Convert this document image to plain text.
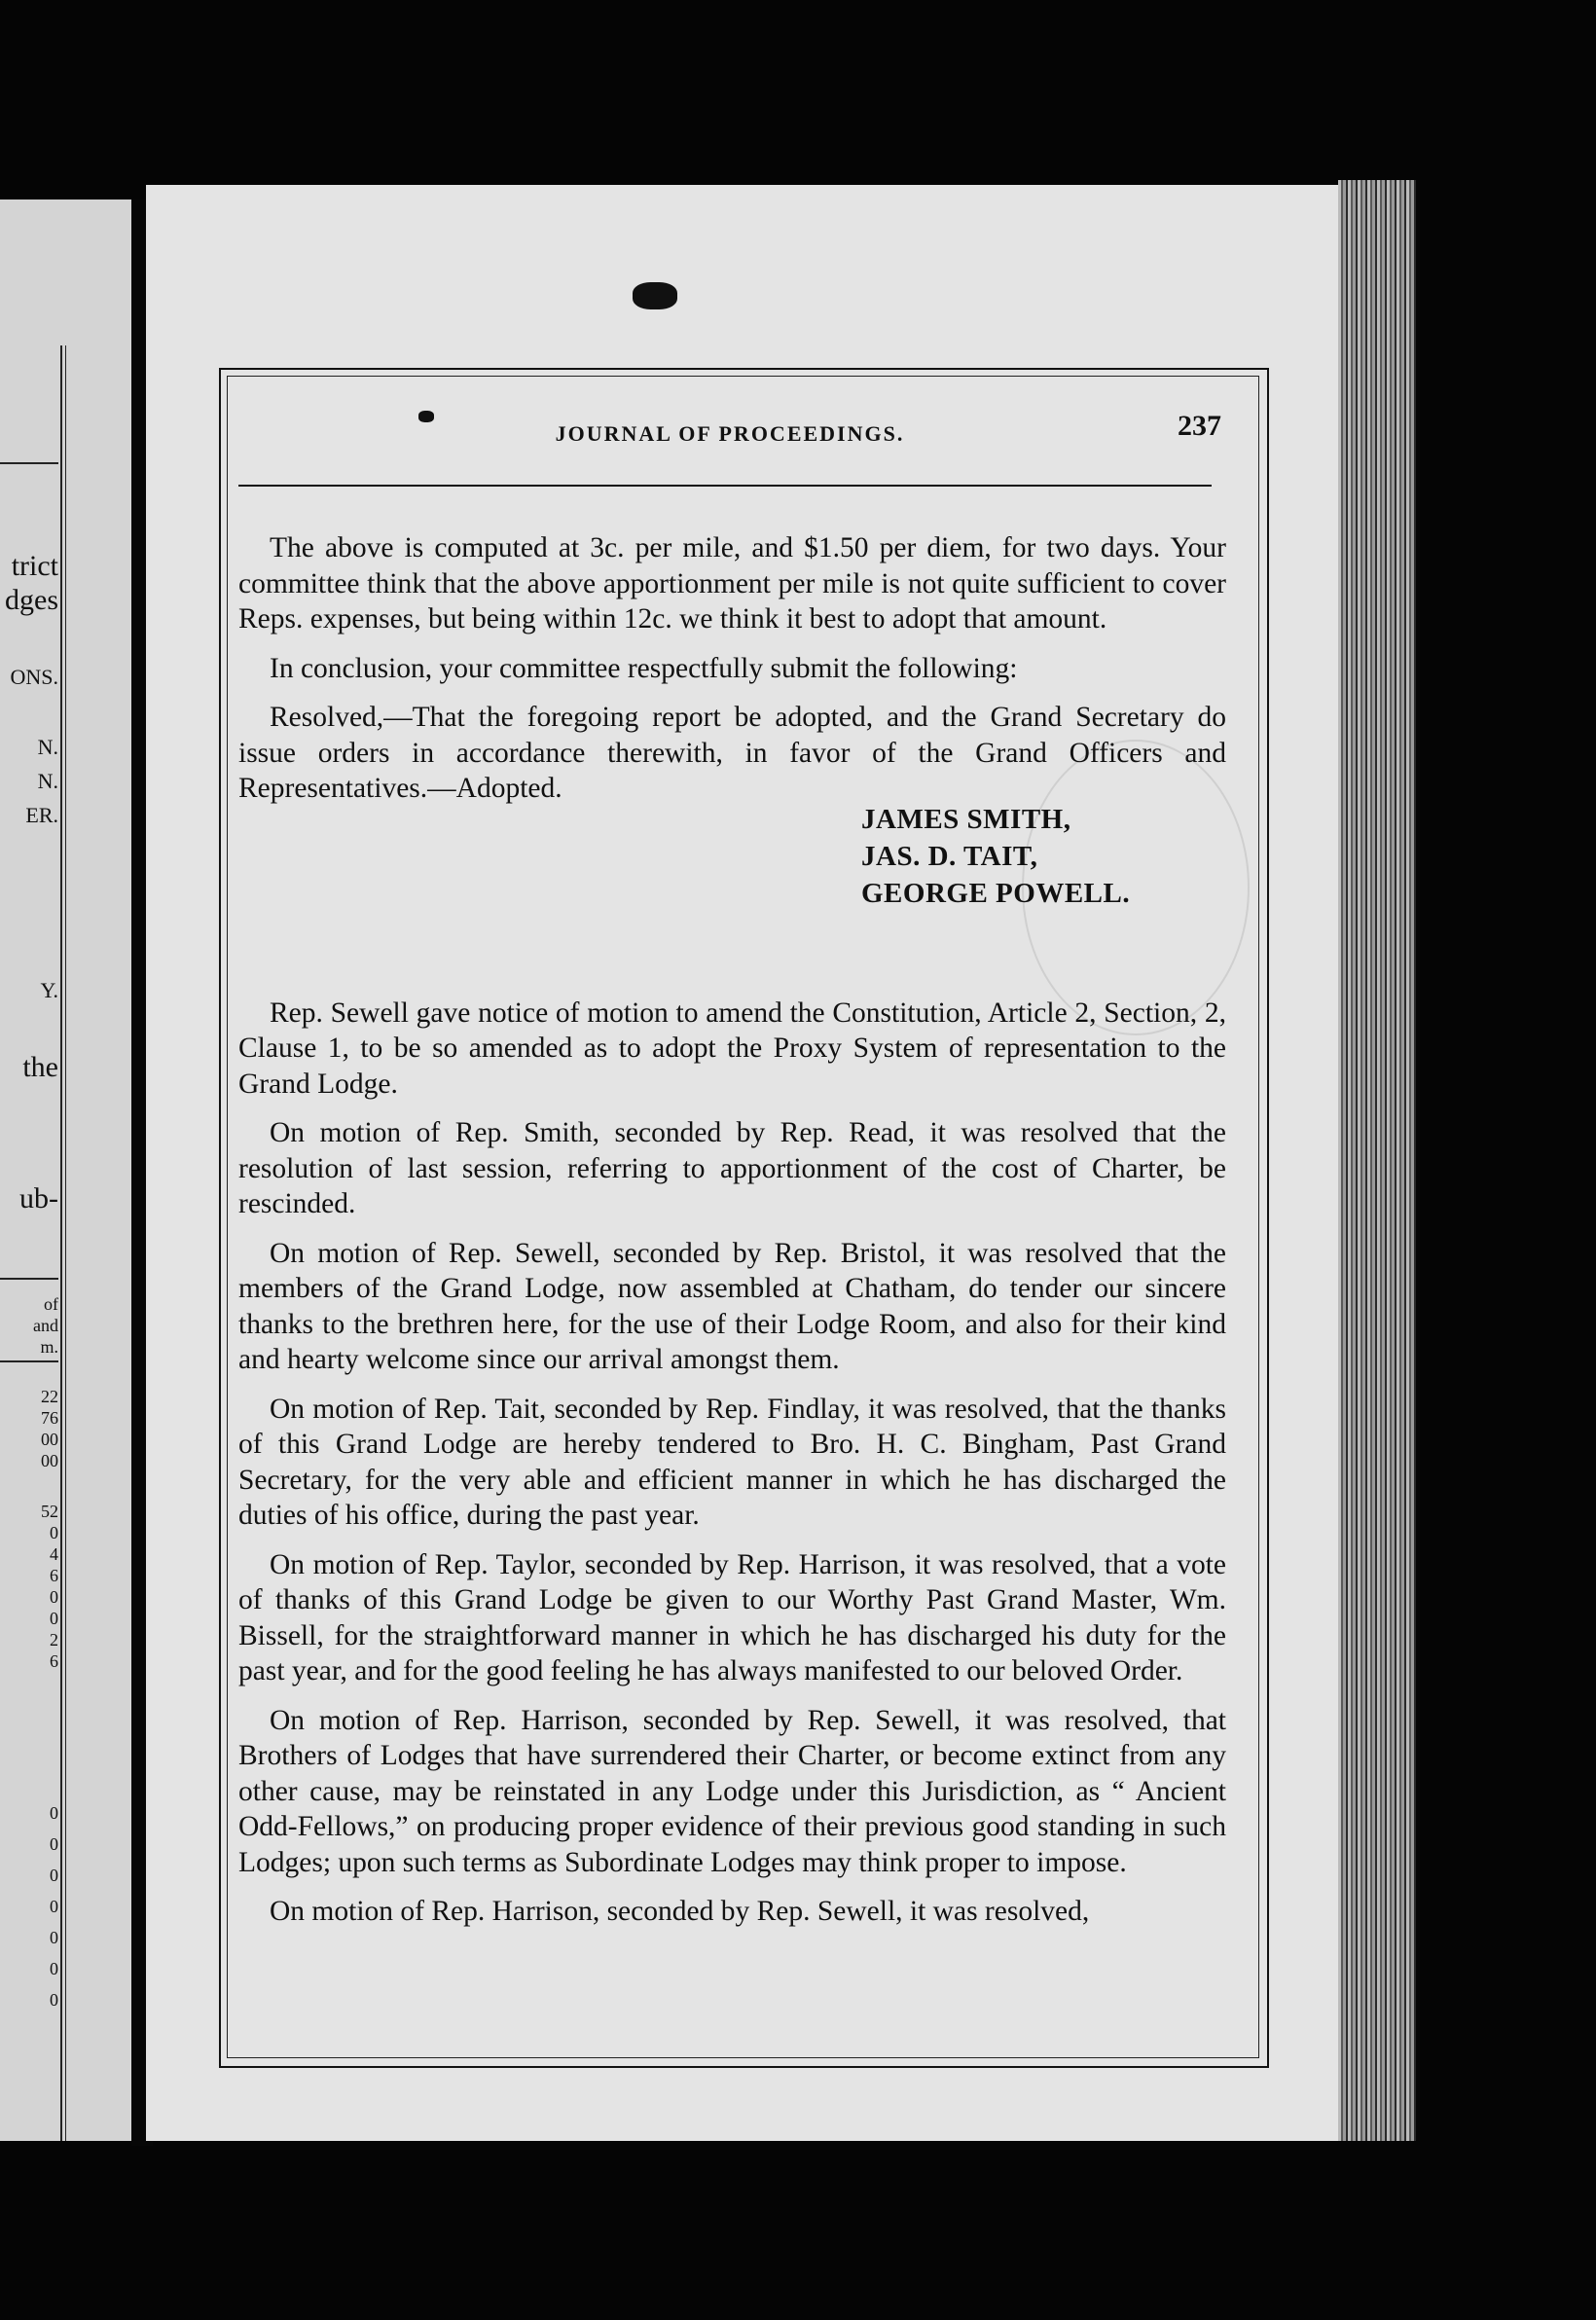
trict
dges
ONS.
N.
N.
ER.
Y.
the
ub-
of
and
m.
22
76
00
00
52
0
4
6
0
0
2
6
0
0
0
0
0
0
0
JOURNAL OF PROCEEDINGS.	237

The above is computed at 3c. per mile, and $1.50 per diem, for two days. Your committee think that the above apportionment per mile is not quite sufficient to cover Reps. expenses, but being within 12c. we think it best to adopt that amount.

In conclusion, your committee respectfully submit the following:

Resolved,—That the foregoing report be adopted, and the Grand Secretary do issue orders in accordance therewith, in favor of the Grand Officers and Representatives.—Adopted.

JAMES SMITH,
JAS. D. TAIT,
GEORGE POWELL.

Rep. Sewell gave notice of motion to amend the Constitution, Article 2, Section, 2, Clause 1, to be so amended as to adopt the Proxy System of representation to the Grand Lodge.

On motion of Rep. Smith, seconded by Rep. Read, it was resolved that the resolution of last session, referring to apportionment of the cost of Charter, be rescinded.

On motion of Rep. Sewell, seconded by Rep. Bristol, it was resolved that the members of the Grand Lodge, now assembled at Chatham, do tender our sincere thanks to the brethren here, for the use of their Lodge Room, and also for their kind and hearty welcome since our arrival amongst them.

On motion of Rep. Tait, seconded by Rep. Findlay, it was resolved, that the thanks of this Grand Lodge are hereby tendered to Bro. H. C. Bingham, Past Grand Secretary, for the very able and efficient manner in which he has discharged the duties of his office, during the past year.

On motion of Rep. Taylor, seconded by Rep. Harrison, it was resolved, that a vote of thanks of this Grand Lodge be given to our Worthy Past Grand Master, Wm. Bissell, for the straightforward manner in which he has discharged his duty for the past year, and for the good feeling he has always manifested to our beloved Order.

On motion of Rep. Harrison, seconded by Rep. Sewell, it was resolved, that Brothers of Lodges that have surrendered their Charter, or become extinct from any other cause, may be reinstated in any Lodge under this Jurisdiction, as “ Ancient Odd-Fellows,” on producing proper evidence of their previous good standing in such Lodges; upon such terms as Subordinate Lodges may think proper to impose.

On motion of Rep. Harrison, seconded by Rep. Sewell, it was resolved,
